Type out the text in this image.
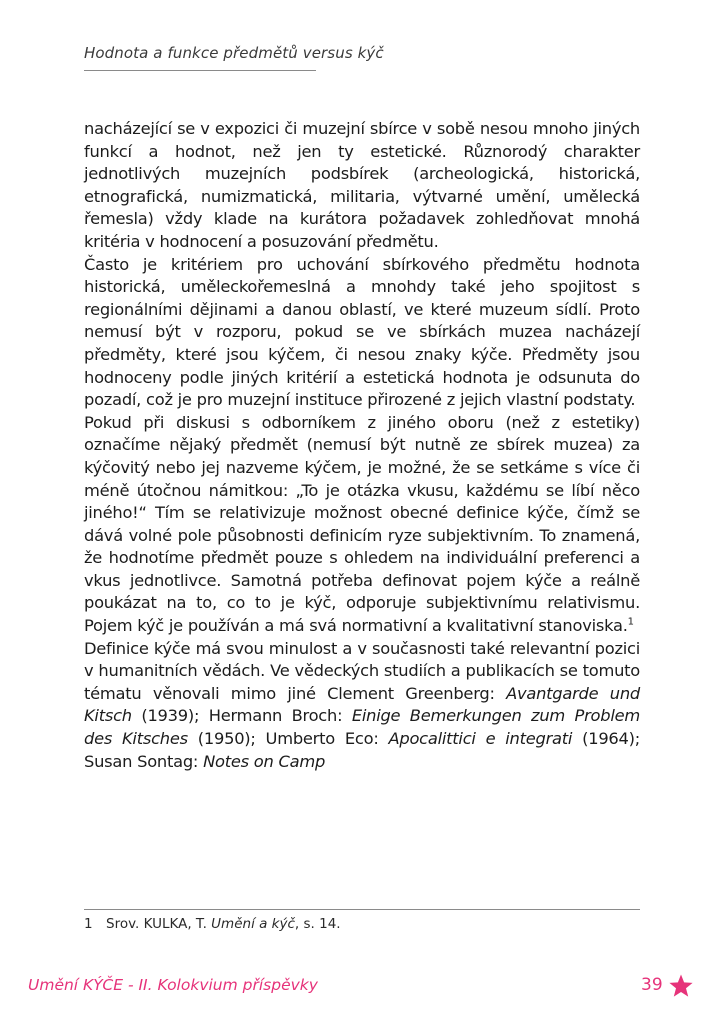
Hodnota a funkce předmětů versus kýč

nacházející se v expozici či muzejní sbírce v sobě nesou mnoho jiných funkcí a hodnot, než jen ty estetické. Různorodý charakter jednotlivých muzejních podsbírek (archeologická, historická, etnografická, numizmatická, militaria, výtvarné umění, umělecká řemesla) vždy klade na kurátora požadavek zohledňovat mnohá kritéria v hodnocení a posuzování předmětu.

Často je kritériem pro uchování sbírkového předmětu hodnota historická, uměleckořemeslná a mnohdy také jeho spojitost s regionálními dějinami a danou oblastí, ve které muzeum sídlí. Proto nemusí být v rozporu, pokud se ve sbírkách muzea nacházejí předměty, které jsou kýčem, či nesou znaky kýče. Předměty jsou hodnoceny podle jiných kritérií a estetická hodnota je odsunuta do pozadí, což je pro muzejní instituce přirozené z jejich vlastní podstaty.

Pokud při diskusi s odborníkem z jiného oboru (než z estetiky) označíme nějaký předmět (nemusí být nutně ze sbírek muzea) za kýčovitý nebo jej nazveme kýčem, je možné, že se setkáme s více či méně útočnou námitkou: „To je otázka vkusu, každému se líbí něco jiného!“ Tím se relativizuje možnost obecné definice kýče, čímž se dává volné pole působnosti definicím ryze subjektivním. To znamená, že hodnotíme předmět pouze s ohledem na individuální preferenci a vkus jednotlivce. Samotná potřeba definovat pojem kýče a reálně poukázat na to, co to je kýč, odporuje subjektivnímu relativismu. Pojem kýč je používán a má svá normativní a kvalitativní stanoviska.$^1$

Definice kýče má svou minulost a v současnosti také relevantní pozici v humanitních vědách. Ve vědeckých studiích a publikacích se tomuto tématu věnovali mimo jiné Clement Greenberg: Avantgarde und Kitsch (1939); Hermann Broch: Einige Bemerkungen zum Problem des Kitsches (1950); Umberto Eco: Apocalittici e integrati (1964); Susan Sontag: Notes on Camp

1 Srov. KULKA, T. Umění a kýč, s. 14.
Umění KÝČE - II. Kolokvium příspěvky	39
